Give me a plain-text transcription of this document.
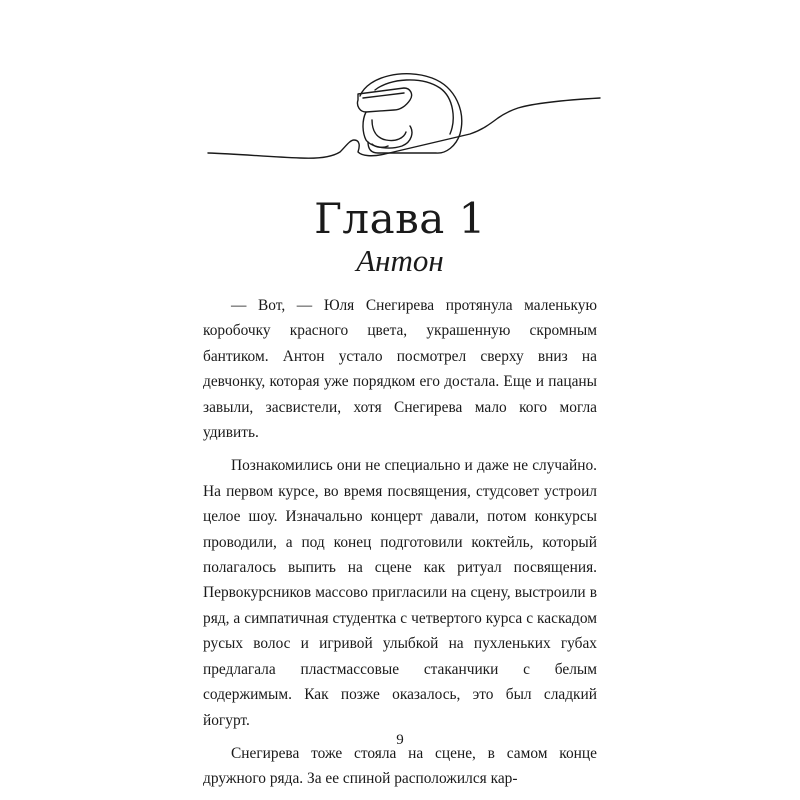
Глава 1
Антон

— Вот, — Юля Снегирева протянула маленькую коробочку красного цвета, украшенную скромным бантиком. Антон устало посмотрел сверху вниз на девчонку, которая уже порядком его достала. Еще и пацаны завыли, засвистели, хотя Снегирева мало кого могла удивить.

Познакомились они не специально и даже не случайно. На первом курсе, во время посвящения, студсовет устроил целое шоу. Изначально концерт давали, потом конкурсы проводили, а под конец подготовили коктейль, который полагалось выпить на сцене как ритуал посвящения. Первокурсников массово пригласили на сцену, выстроили в ряд, а симпатичная студентка с четвертого курса с каскадом русых волос и игривой улыбкой на пухленьких губах предлагала пластмассовые стаканчики с белым содержимым. Как позже оказалось, это был сладкий йогурт.

Снегирева тоже стояла на сцене, в самом конце дружного ряда. За ее спиной расположился кар-

9
